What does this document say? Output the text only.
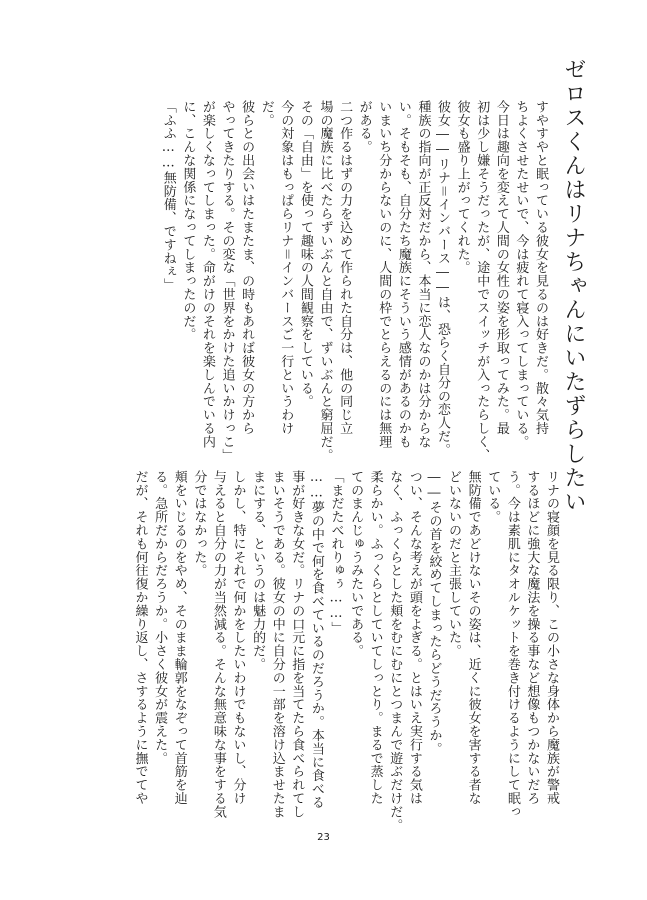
ゼロスくんはリナちゃんにいたずらしたい
すやすやと眠っている彼女を見るのは好きだ。散々気持
ちよくさせたせいで、今は疲れて寝入ってしまっている。
今日は趣向を変えて人間の女性の姿を形取ってみた。最
初は少し嫌そうだったが、途中でスイッチが入ったらしく、
彼女も盛り上がってくれた。
彼女――リナ＝インバース――は、恐らく自分の恋人だ。
種族の指向が正反対だから、本当に恋人なのかは分からな
い。そもそも、自分たち魔族にそういう感情があるのかも
いまいち分からないのに、人間の枠でとらえるのには無理
がある。
二つ作るはずの力を込めて作られた自分は、他の同じ立
場の魔族に比べたらずいぶんと自由で、ずいぶんと窮屈だ。
その「自由」を使って趣味の人間観察をしている。
今の対象はもっぱらリナ＝インバースご一行というわけ
だ。
彼らとの出会いはたまたま、の時もあれば彼女の方から
やってきたりする。その変な「世界をかけた追いかけっこ」
が楽しくなってしまった。命がけのそれを楽しんでいる内
に、こんな関係になってしまったのだ。
「ふふ……無防備、ですねぇ」
リナの寝顔を見る限り、この小さな身体から魔族が警戒
するほどに強大な魔法を操る事など想像もつかないだろ
う。今は素肌にタオルケットを巻き付けるようにして眠っ
ている。
無防備であどけないその姿は、近くに彼女を害する者な
どいないのだと主張していた。
――その首を絞めてしまったらどうだろうか。
つい、そんな考えが頭をよぎる。とはいえ実行する気は
なく、ふっくらとした頬をむにむにとつまんで遊ぶだけだ。
柔らかい。ふっくらとしていてしっとり。まるで蒸した
てのまんじゅうみたいである。
「まだたべれりゅぅ……」
……夢の中で何を食べているのだろうか。本当に食べる
事が好きな女だ。リナの口元に指を当てたら食べられてし
まいそうである。彼女の中に自分の一部を溶け込ませたま
まにする、というのは魅力的だ。
しかし、特にそれで何かをしたいわけでもないし、分け
与えると自分の力が当然減る。そんな無意味な事をする気
分ではなかった。
頬をいじるのをやめ、そのまま輪郭をなぞって首筋を辿
る。急所だからだろうか。小さく彼女が震えた。
だが、それも何往復か繰り返し、さするように撫でてや
23
